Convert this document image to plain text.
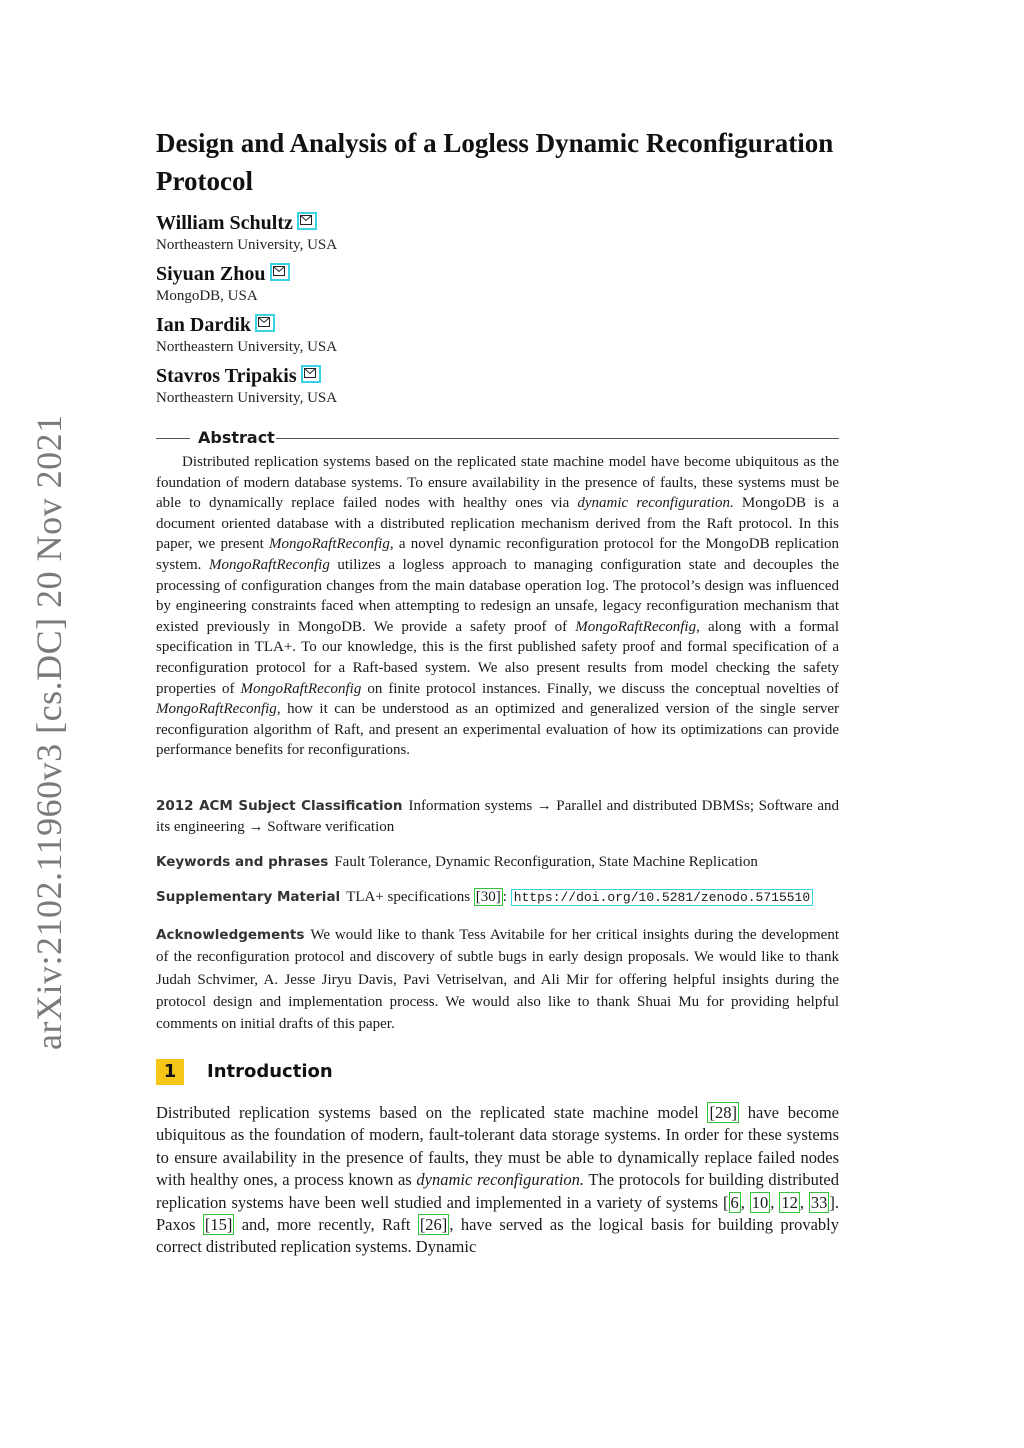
arXiv:2102.11960v3 [cs.DC] 20 Nov 2021
Design and Analysis of a Logless Dynamic Reconfiguration Protocol
William Schultz
Northeastern University, USA
Siyuan Zhou
MongoDB, USA
Ian Dardik
Northeastern University, USA
Stavros Tripakis
Northeastern University, USA
Abstract

Distributed replication systems based on the replicated state machine model have become ubiquitous as the foundation of modern database systems. To ensure availability in the presence of faults, these systems must be able to dynamically replace failed nodes with healthy ones via dynamic reconfiguration. MongoDB is a document oriented database with a distributed replication mechanism derived from the Raft protocol. In this paper, we present MongoRaftReconfig, a novel dynamic reconfiguration protocol for the MongoDB replication system. MongoRaftReconfig utilizes a logless approach to managing configuration state and decouples the processing of configuration changes from the main database operation log. The protocol’s design was influenced by engineering constraints faced when attempting to redesign an unsafe, legacy reconfiguration mechanism that existed previously in MongoDB. We provide a safety proof of MongoRaftReconfig, along with a formal specification in TLA+. To our knowledge, this is the first published safety proof and formal specification of a reconfiguration protocol for a Raft-based system. We also present results from model checking the safety properties of MongoRaftReconfig on finite protocol instances. Finally, we discuss the conceptual novelties of MongoRaftReconfig, how it can be understood as an optimized and generalized version of the single server reconfiguration algorithm of Raft, and present an experimental evaluation of how its optimizations can provide performance benefits for reconfigurations.

2012 ACM Subject Classification Information systems → Parallel and distributed DBMSs; Software and its engineering → Software verification

Keywords and phrases Fault Tolerance, Dynamic Reconfiguration, State Machine Replication

Supplementary Material TLA+ specifications [30] : https://doi.org/10.5281/zenodo.5715510

Acknowledgements We would like to thank Tess Avitabile for her critical insights during the development of the reconfiguration protocol and discovery of subtle bugs in early design proposals. We would like to thank Judah Schvimer, A. Jesse Jiryu Davis, Pavi Vetriselvan, and Ali Mir for offering helpful insights during the protocol design and implementation process. We would also like to thank Shuai Mu for providing helpful comments on initial drafts of this paper.

1 Introduction

Distributed replication systems based on the replicated state machine model [28] have become ubiquitous as the foundation of modern, fault-tolerant data storage systems. In order for these systems to ensure availability in the presence of faults, they must be able to dynamically replace failed nodes with healthy ones, a process known as dynamic reconfiguration. The protocols for building distributed replication systems have been well studied and implemented in a variety of systems [ 6 , 10 , 12 , 33 ]. Paxos [15] and, more recently, Raft [26] , have served as the logical basis for building provably correct distributed replication systems. Dynamic
